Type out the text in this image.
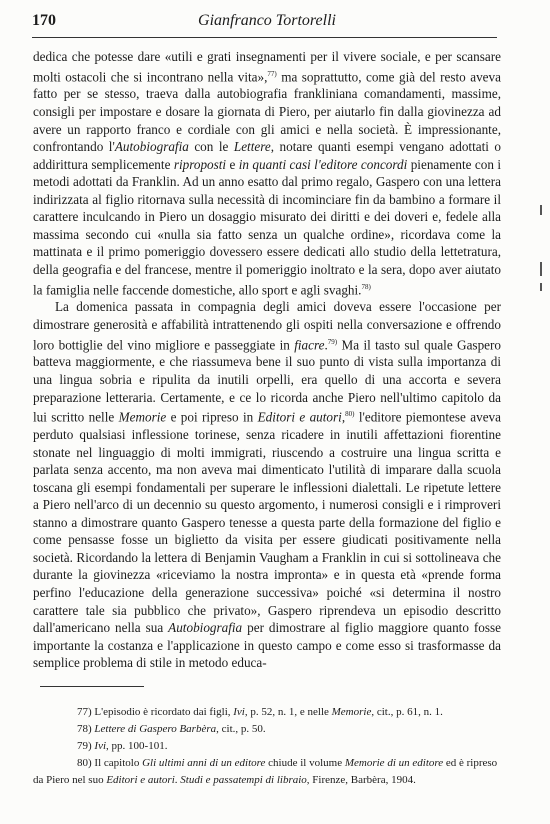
170	Gianfranco Tortorelli

dedica che potesse dare «utili e grati insegnamenti per il vivere sociale, e per scansare molti ostacoli che si incontrano nella vita»,$^{77)}$ ma soprattutto, come già del resto aveva fatto per se stesso, traeva dalla autobiografia frankliniana comandamenti, massime, consigli per impostare e dosare la giornata di Piero, per aiutarlo fin dalla giovinezza ad avere un rapporto franco e cordiale con gli amici e nella società. È impressionante, confrontando l'Autobiografia con le Lettere, notare quanti esempi vengano adottati o addirittura semplicemente riproposti e in quanti casi l'editore concordi pienamente con i metodi adottati da Franklin. Ad un anno esatto dal primo regalo, Gaspero con una lettera indirizzata al figlio ritornava sulla necessità di incominciare fin da bambino a formare il carattere inculcando in Piero un dosaggio misurato dei diritti e dei doveri e, fedele alla massima secondo cui «nulla sia fatto senza un qualche ordine», ricordava come la mattinata e il primo pomeriggio dovessero essere dedicati allo studio della lettetratura, della geografia e del francese, mentre il pomeriggio inoltrato e la sera, dopo aver aiutato la famiglia nelle faccende domestiche, allo sport e agli svaghi.$^{78)}$

La domenica passata in compagnia degli amici doveva essere l'occasione per dimostrare generosità e affabilità intrattenendo gli ospiti nella conversazione e offrendo loro bottiglie del vino migliore e passeggiate in fiacre.$^{79)}$ Ma il tasto sul quale Gaspero batteva maggiormente, e che riassumeva bene il suo punto di vista sulla importanza di una lingua sobria e ripulita da inutili orpelli, era quello di una accorta e severa preparazione letteraria. Certamente, e ce lo ricorda anche Piero nell'ultimo capitolo da lui scritto nelle Memorie e poi ripreso in Editori e autori,$^{80)}$ l'editore piemontese aveva perduto qualsiasi inflessione torinese, senza ricadere in inutili affettazioni fiorentine stonate nel linguaggio di molti immigrati, riuscendo a costruire una lingua scritta e parlata senza accento, ma non aveva mai dimenticato l'utilità di imparare dalla scuola toscana gli esempi fondamentali per superare le inflessioni dialettali. Le ripetute lettere a Piero nell'arco di un decennio su questo argomento, i numerosi consigli e i rimproveri stanno a dimostrare quanto Gaspero tenesse a questa parte della formazione del figlio e come pensasse fosse un biglietto da visita per essere giudicati positivamente nella società. Ricordando la lettera di Benjamin Vaugham a Franklin in cui si sottolineava che durante la giovinezza «riceviamo la nostra impronta» e in questa età «prende forma perfino l'educazione della generazione successiva» poiché «si determina il nostro carattere tale sia pubblico che privato», Gaspero riprendeva un episodio descritto dall'americano nella sua Autobiografia per dimostrare al figlio maggiore quanto fosse importante la costanza e l'applicazione in questo campo e come esso si trasformasse da semplice problema di stile in metodo educa-

77) L'episodio è ricordato dai figli, Ivi, p. 52, n. 1, e nelle Memorie, cit., p. 61, n. 1.

78) Lettere di Gaspero Barbèra, cit., p. 50.

79) Ivi, pp. 100-101.

80) Il capitolo Gli ultimi anni di un editore chiude il volume Memorie di un editore ed è ripreso da Piero nel suo Editori e autori. Studi e passatempi di libraio, Firenze, Barbèra, 1904.
